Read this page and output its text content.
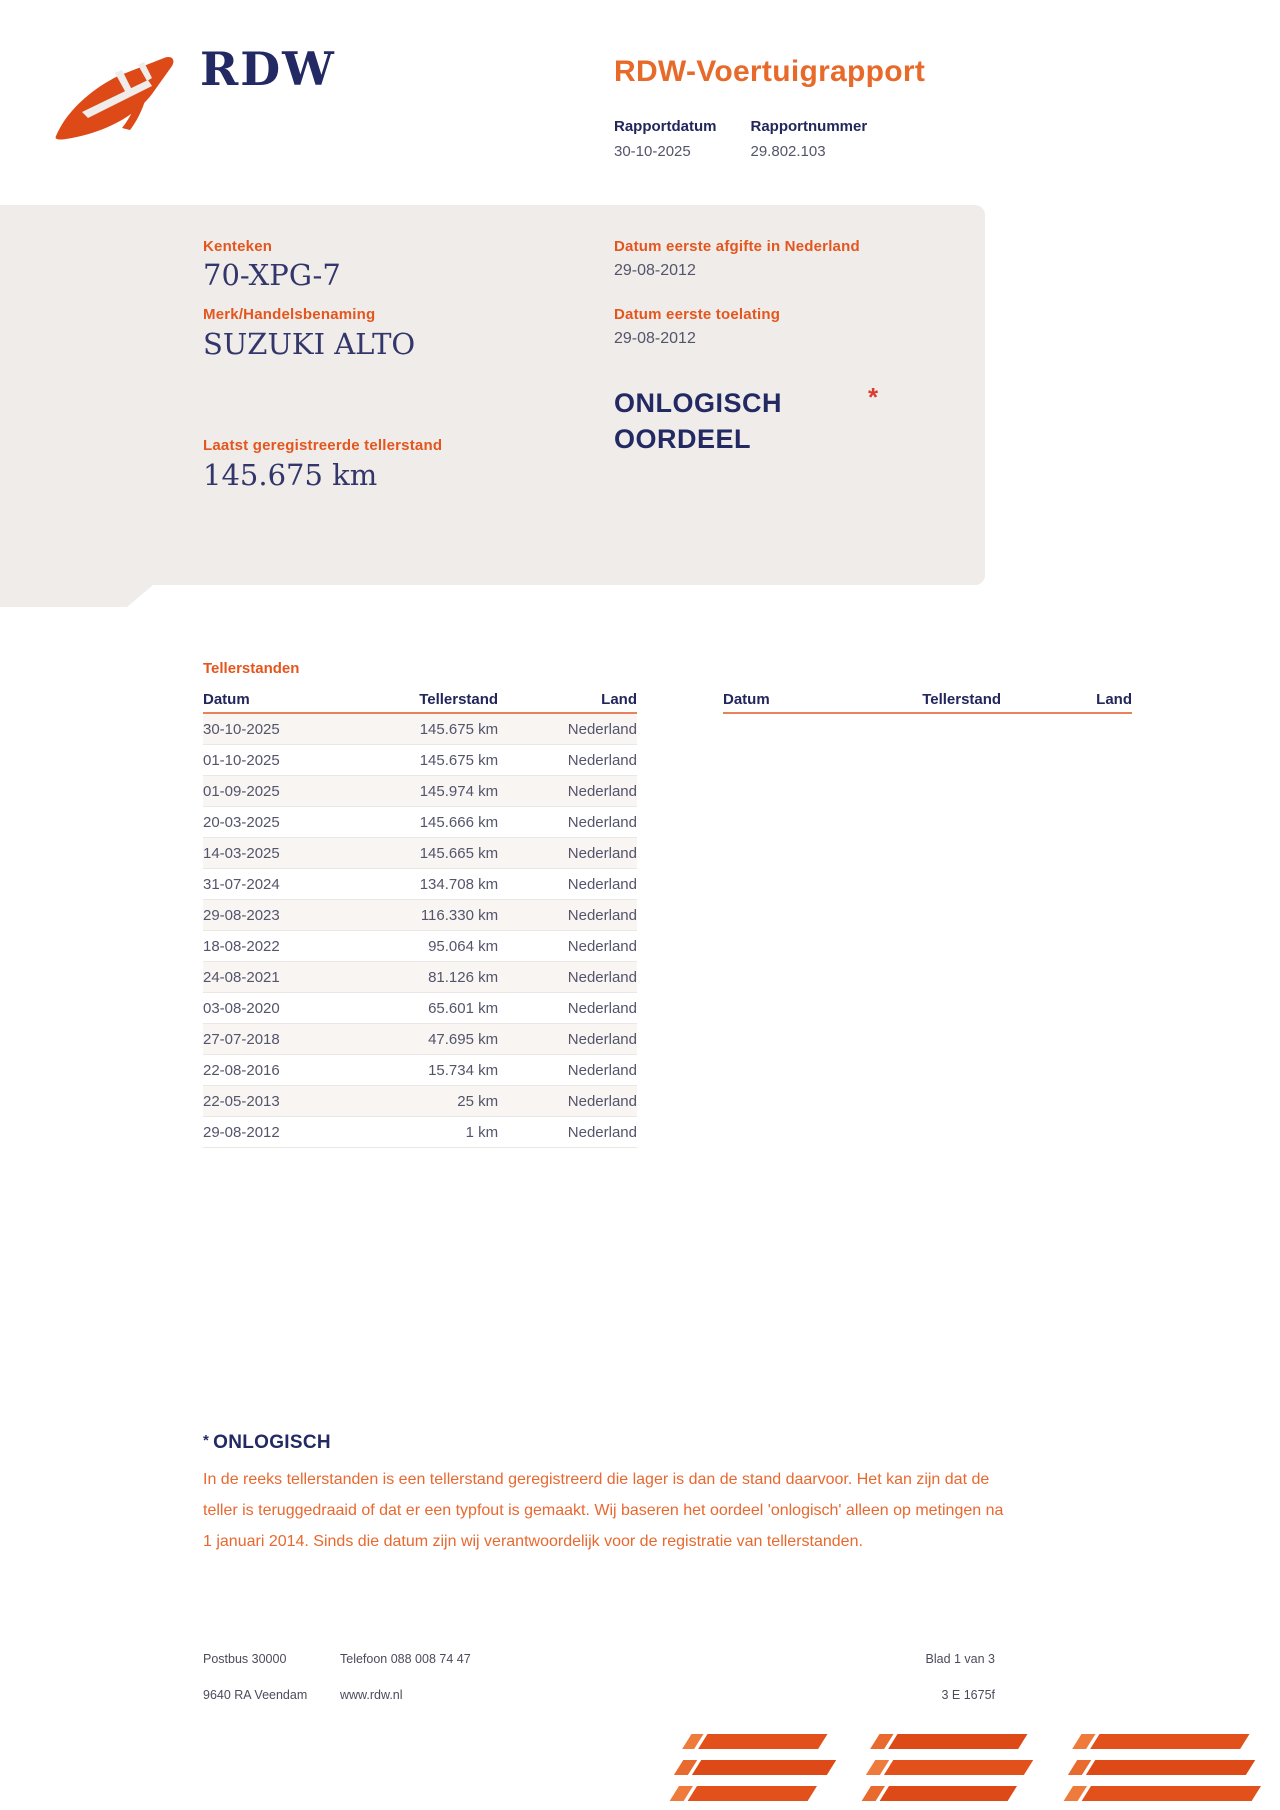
RDW	RDW-Voertuigrapport
Rapportdatum
30-10-2025
Rapportnummer
29.802.103
Kenteken
70-XPG-7
Merk/Handelsbenaming
SUZUKI ALTO
Datum eerste afgifte in Nederland
29-08-2012
Datum eerste toelating
29-08-2012
ONLOGISCH
OORDEEL
*
Laatst geregistreerde tellerstand
145.675 km
Tellerstanden
Datum	Tellerstand	Land
30-10-2025	145.675 km	Nederland
01-10-2025	145.675 km	Nederland
01-09-2025	145.974 km	Nederland
20-03-2025	145.666 km	Nederland
14-03-2025	145.665 km	Nederland
31-07-2024	134.708 km	Nederland
29-08-2023	116.330 km	Nederland
18-08-2022	95.064 km	Nederland
24-08-2021	81.126 km	Nederland
03-08-2020	65.601 km	Nederland
27-07-2018	47.695 km	Nederland
22-08-2016	15.734 km	Nederland
22-05-2013	25 km	Nederland
29-08-2012	1 km	Nederland
Datum	Tellerstand	Land
* ONLOGISCH
In de reeks tellerstanden is een tellerstand geregistreerd die lager is dan de stand daarvoor. Het kan zijn dat de teller is teruggedraaid of dat er een typfout is gemaakt. Wij baseren het oordeel 'onlogisch' alleen op metingen na 1 januari 2014. Sinds die datum zijn wij verantwoordelijk voor de registratie van tellerstanden.
Postbus 30000
9640 RA Veendam
Telefoon 088 008 74 47
www.rdw.nl
Blad 1 van 3
3 E 1675f
